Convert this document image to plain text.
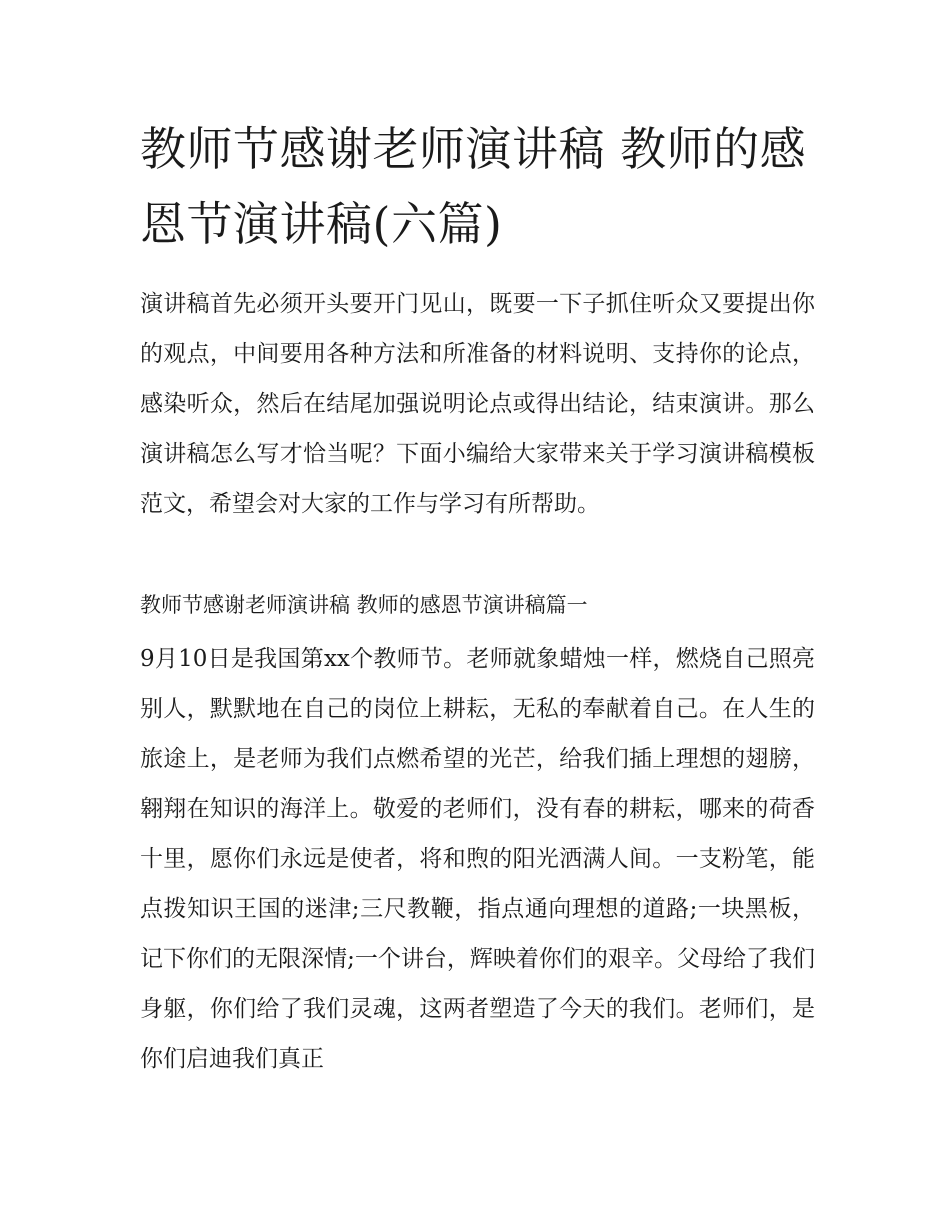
教师节感谢老师演讲稿 教师的感恩节演讲稿(六篇)

演讲稿首先必须开头要开门见山，既要一下子抓住听众又要提出你的观点，中间要用各种方法和所准备的材料说明、支持你的论点，感染听众，然后在结尾加强说明论点或得出结论，结束演讲。那么演讲稿怎么写才恰当呢？下面小编给大家带来关于学习演讲稿模板范文，希望会对大家的工作与学习有所帮助。

教师节感谢老师演讲稿 教师的感恩节演讲稿篇一

9月10日是我国第xx个教师节。老师就象蜡烛一样，燃烧自己照亮别人，默默地在自己的岗位上耕耘，无私的奉献着自己。在人生的旅途上，是老师为我们点燃希望的光芒，给我们插上理想的翅膀，翱翔在知识的海洋上。敬爱的老师们，没有春的耕耘，哪来的荷香十里，愿你们永远是使者，将和煦的阳光洒满人间。一支粉笔，能点拨知识王国的迷津;三尺教鞭，指点通向理想的道路;一块黑板，记下你们的无限深情;一个讲台，辉映着你们的艰辛。父母给了我们身躯，你们给了我们灵魂，这两者塑造了今天的我们。老师们，是你们启迪我们真正
